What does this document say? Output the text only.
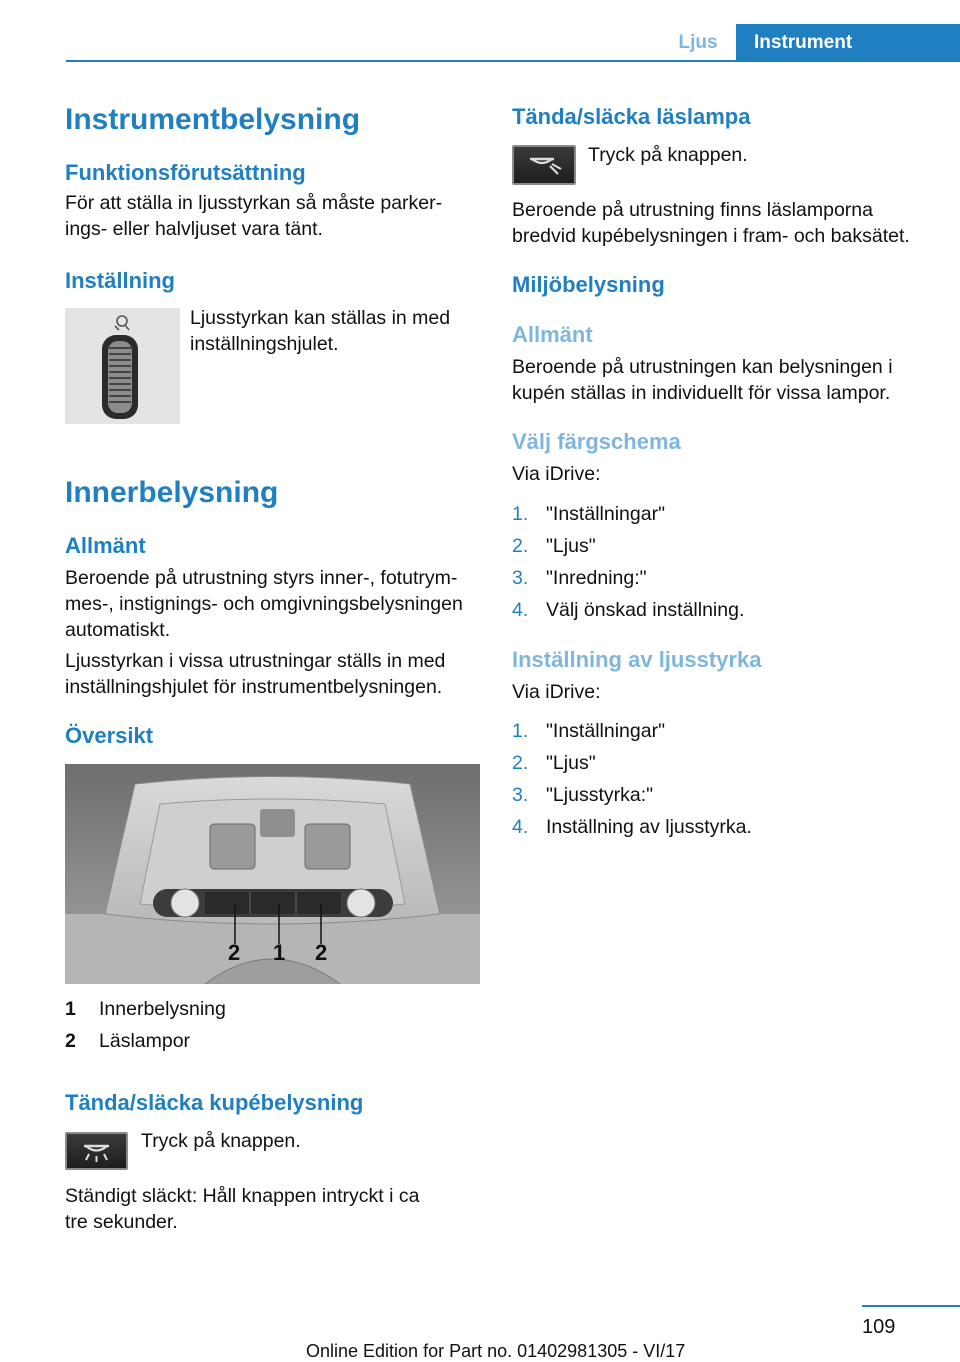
Ljus	Instrument
Instrumentbelysning
Funktionsförutsättning
För att ställa in ljusstyrkan så måste parker-
ings- eller halvljuset vara tänt.
Inställning
Ljusstyrkan kan ställas in med
inställningshjulet.
Innerbelysning
Allmänt
Beroende på utrustning styrs inner-, fotutrym-
mes-, instignings- och omgivningsbelysningen
automatiskt.
Ljusstyrkan i vissa utrustningar ställs in med
inställningshjulet för instrumentbelysningen.
Översikt
2 1 2
1 Innerbelysning
2 Läslampor
Tända/släcka kupébelysning
Tryck på knappen.
Ständigt släckt: Håll knappen intryckt i ca
tre sekunder.
Tända/släcka läslampa
Tryck på knappen.
Beroende på utrustning finns läslamporna
bredvid kupébelysningen i fram- och baksätet.
Miljöbelysning
Allmänt
Beroende på utrustningen kan belysningen i
kupén ställas in individuellt för vissa lampor.
Välj färgschema
Via iDrive:
1. "Inställningar"
2. "Ljus"
3. "Inredning:"
4. Välj önskad inställning.
Inställning av ljusstyrka
Via iDrive:
1. "Inställningar"
2. "Ljus"
3. "Ljusstyrka:"
4. Inställning av ljusstyrka.
109
Online Edition for Part no. 01402981305 - VI/17
